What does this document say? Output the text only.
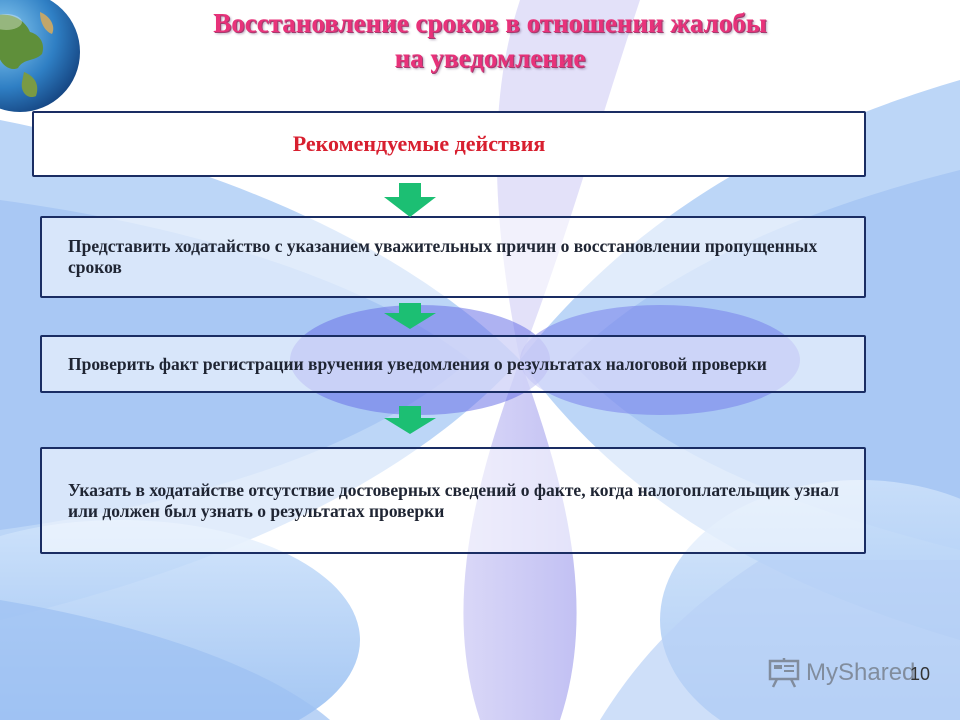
Восстановление сроков в отношении жалобы
на уведомление
Рекомендуемые действия
Представить ходатайство с указанием уважительных причин о восстановлении пропущенных сроков
Проверить факт регистрации вручения уведомления о результатах налоговой проверки
Указать в ходатайстве отсутствие достоверных сведений о факте, когда налогоплательщик узнал или должен был узнать о результатах проверки
MyShared
10
